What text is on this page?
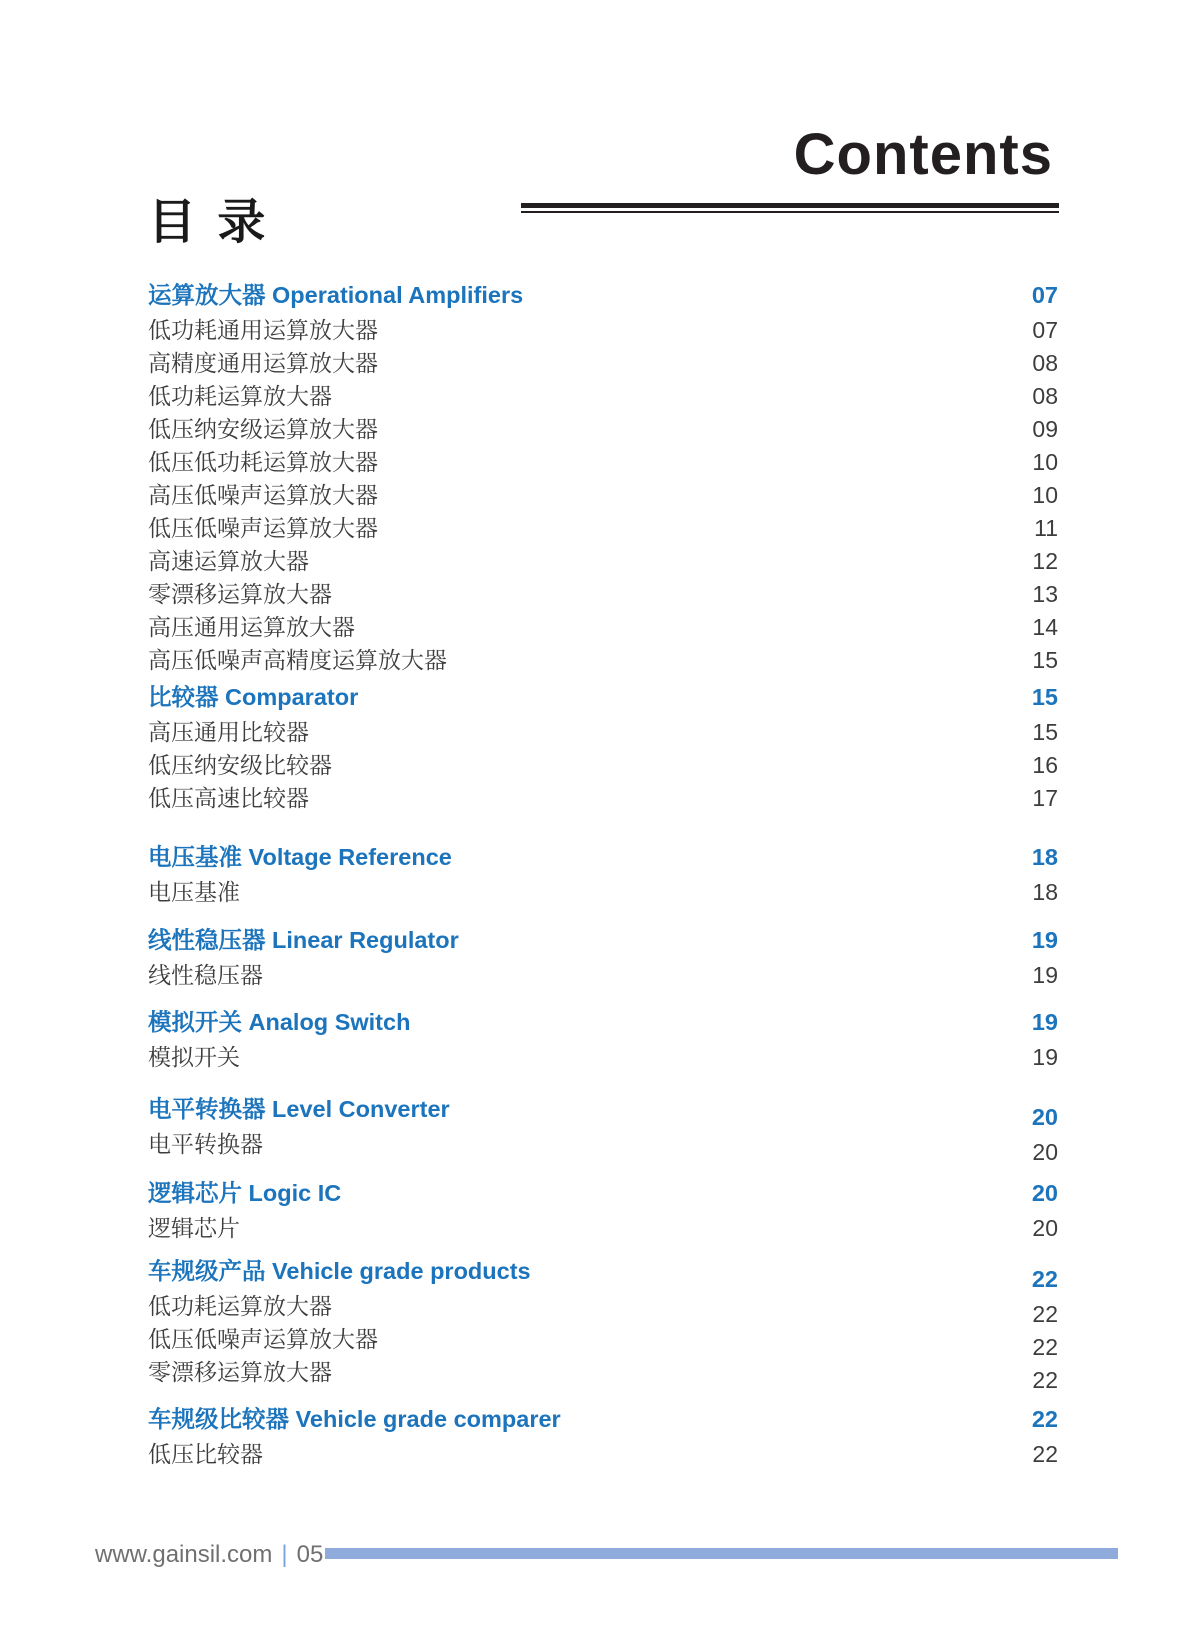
Contents
目 录
运算放大器 Operational Amplifiers	07
低功耗通用运算放大器	07
高精度通用运算放大器	08
低功耗运算放大器	08
低压纳安级运算放大器	09
低压低功耗运算放大器	10
高压低噪声运算放大器	10
低压低噪声运算放大器	11
高速运算放大器	12
零漂移运算放大器	13
高压通用运算放大器	14
高压低噪声高精度运算放大器	15
比较器 Comparator	15
高压通用比较器	15
低压纳安级比较器	16
低压高速比较器	17
电压基准 Voltage Reference	18
电压基准	18
线性稳压器 Linear Regulator	19
线性稳压器	19
模拟开关 Analog Switch	19
模拟开关	19
电平转换器 Level Converter	20
电平转换器	20
逻辑芯片 Logic IC	20
逻辑芯片	20
车规级产品 Vehicle grade products	22
低功耗运算放大器	22
低压低噪声运算放大器	22
零漂移运算放大器	22
车规级比较器 Vehicle grade comparer	22
低压比较器	22
www.gainsil.com | 05
